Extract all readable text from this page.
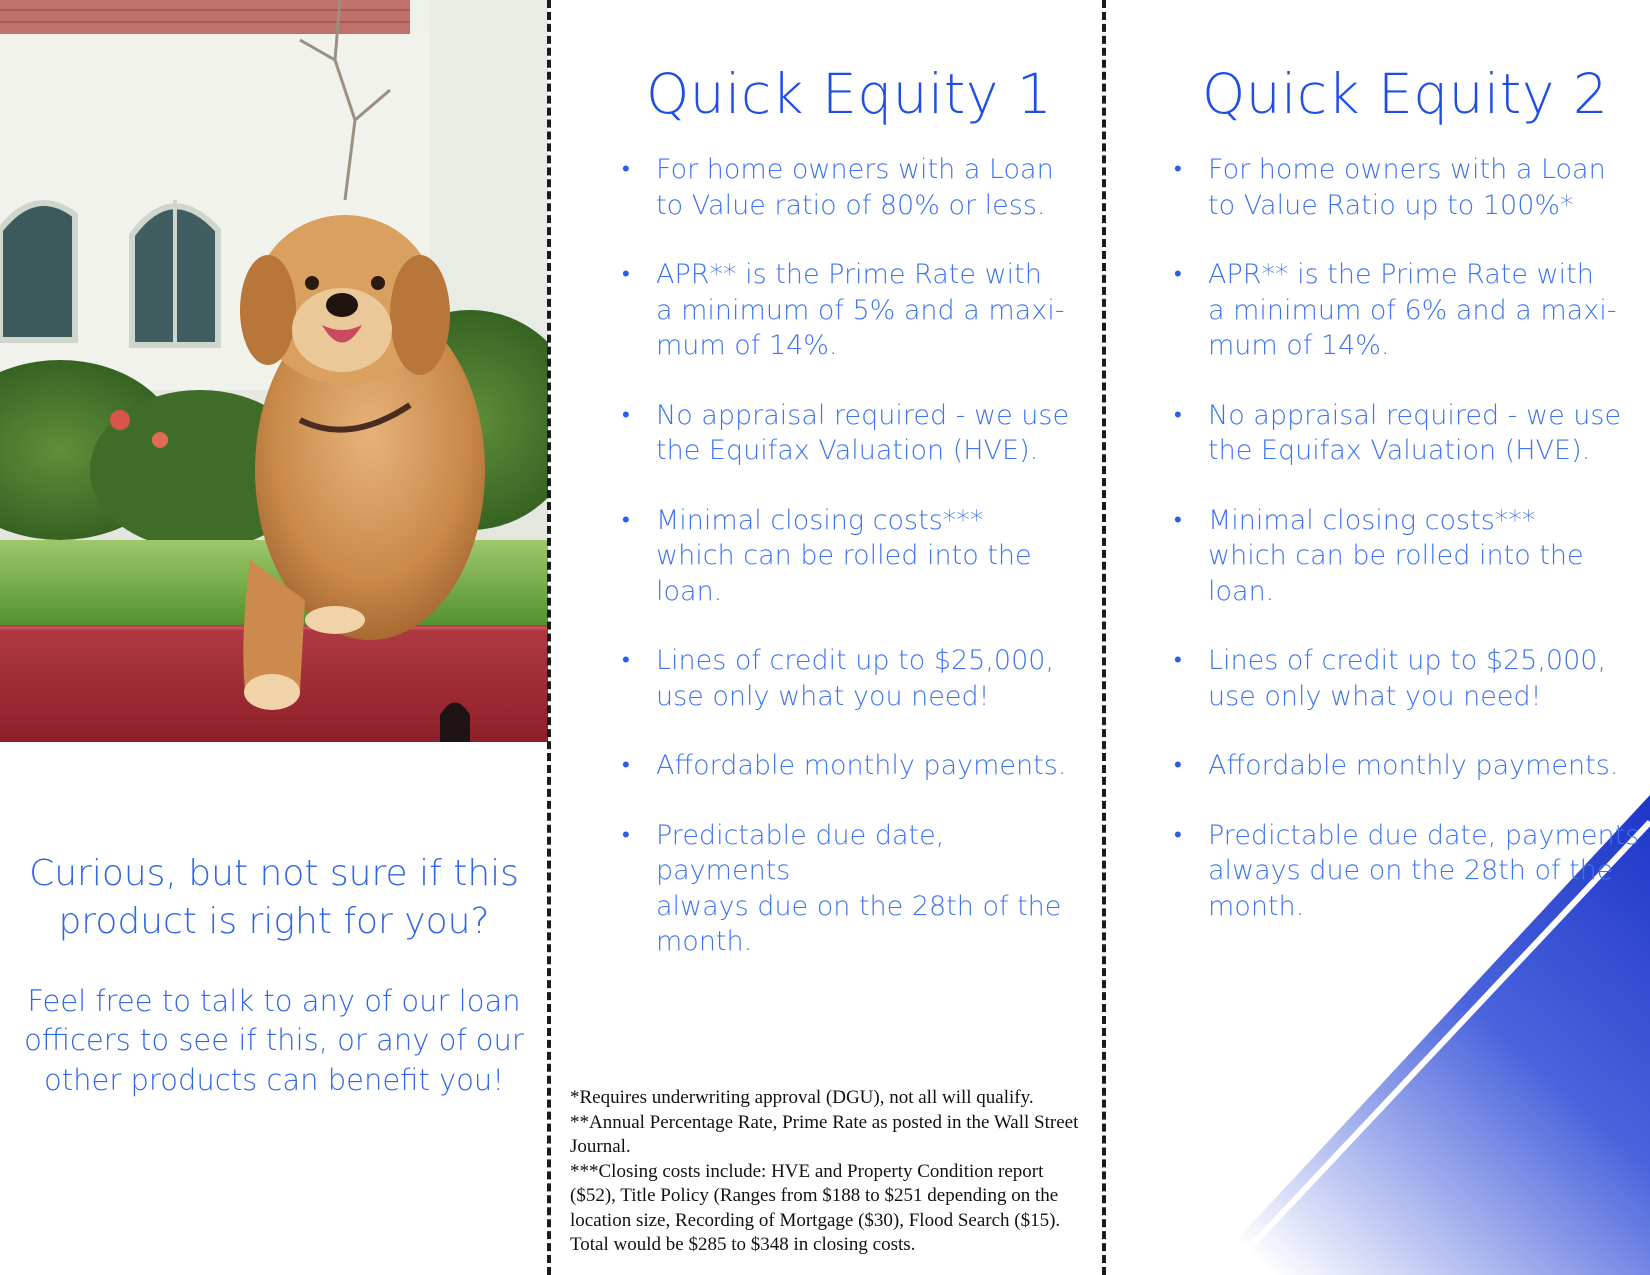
Curious, but not sure if this product is right for you?
Feel free to talk to any of our loan officers to see if this, or any of our other products can benefit you!
Quick Equity 1
• For home owners with a Loan
to Value ratio of 80% or less.
• APR** is the Prime Rate with
a minimum of 5% and a maxi-
mum of 14%.
• No appraisal required - we use
the Equifax Valuation (HVE).
• Minimal closing costs***
which can be rolled into the
loan.
• Lines of credit up to $25,000,
use only what you need!
• Affordable monthly payments.
• Predictable due date, payments
always due on the 28th of the
month.

*Requires underwriting approval (DGU), not all will qualify.

**Annual Percentage Rate, Prime Rate as posted in the Wall Street Journal.

***Closing costs include: HVE and Property Condition report ($52), Title Policy (Ranges from $188 to $251 depending on the location size, Recording of Mortgage ($30), Flood Search ($15). Total would be $285 to $348 in closing costs.

Quick Equity 2
• For home owners with a Loan
to Value Ratio up to 100%*
• APR** is the Prime Rate with
a minimum of 6% and a maxi-
mum of 14%.
• No appraisal required - we use
the Equifax Valuation (HVE).
• Minimal closing costs***
which can be rolled into the
loan.
• Lines of credit up to $25,000,
use only what you need!
• Affordable monthly payments.
• Predictable due date, payments
always due on the 28th of the
month.
